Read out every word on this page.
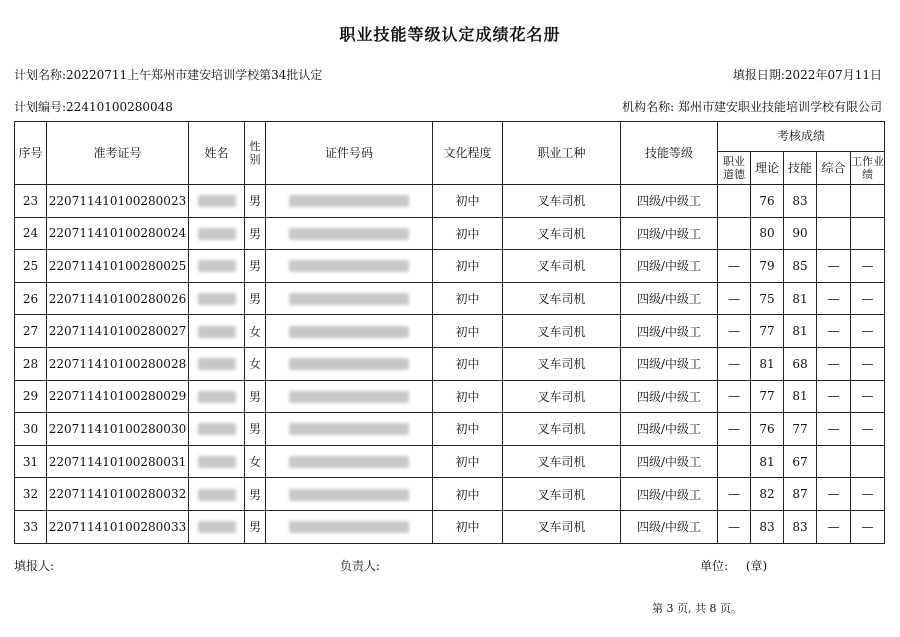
职业技能等级认定成绩花名册
计划名称:20220711上午郑州市建安培训学校第34批认定	填报日期:2022年07月11日
计划编号:22410100280048	机构名称: 郑州市建安职业技能培训学校有限公司
序号	准考证号	姓名	性别	证件号码	文化程度	职业工种	技能等级	考核成绩				
								职业道德	理论	技能	综合	工作业绩
23	220711410100280023		男		初中	叉车司机	四级/中级工		76	83		
24	220711410100280024		男		初中	叉车司机	四级/中级工		80	90		
25	220711410100280025		男		初中	叉车司机	四级/中级工	—	79	85	—	—
26	220711410100280026		男		初中	叉车司机	四级/中级工	—	75	81	—	—
27	220711410100280027		女		初中	叉车司机	四级/中级工	—	77	81	—	—
28	220711410100280028		女		初中	叉车司机	四级/中级工	—	81	68	—	—
29	220711410100280029		男		初中	叉车司机	四级/中级工	—	77	81	—	—
30	220711410100280030		男		初中	叉车司机	四级/中级工	—	76	77	—	—
31	220711410100280031		女		初中	叉车司机	四级/中级工		81	67		
32	220711410100280032		男		初中	叉车司机	四级/中级工	—	82	87	—	—
33	220711410100280033		男		初中	叉车司机	四级/中级工	—	83	83	—	—
填报人:	负责人:	单位: (章)
第 3 页, 共 8 页。
